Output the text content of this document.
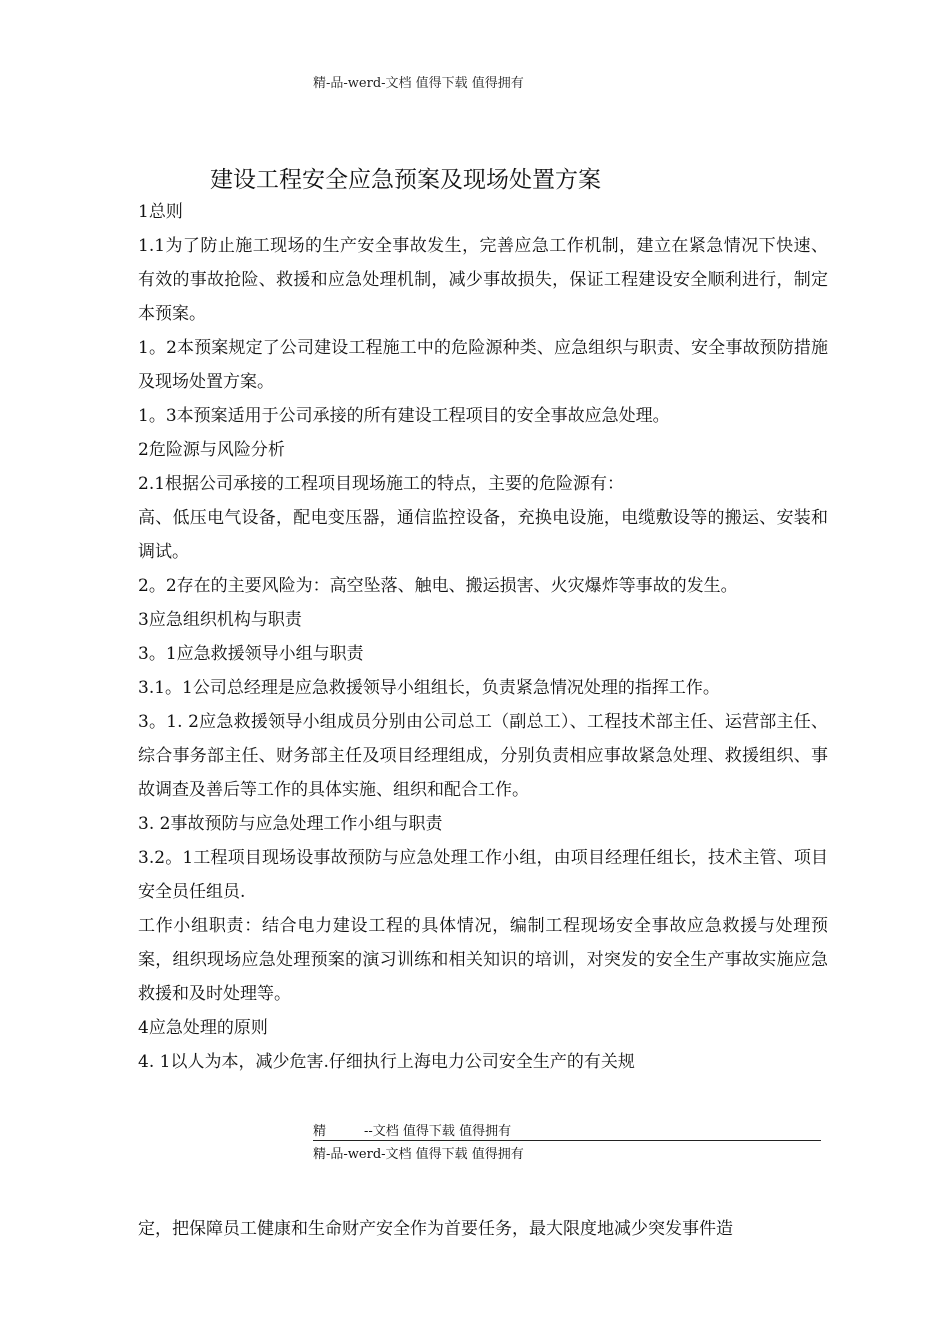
精-品-werd-文档 值得下载 值得拥有
建设工程安全应急预案及现场处置方案

1总则

1.1为了防止施工现场的生产安全事故发生，完善应急工作机制，建立在紧急情况下快速、有效的事故抢险、救援和应急处理机制，减少事故损失，保证工程建设安全顺利进行，制定本预案。

1。2本预案规定了公司建设工程施工中的危险源种类、应急组织与职责、安全事故预防措施及现场处置方案。

1。3本预案适用于公司承接的所有建设工程项目的安全事故应急处理。

2危险源与风险分析

2.1根据公司承接的工程项目现场施工的特点，主要的危险源有：

高、低压电气设备，配电变压器，通信监控设备，充换电设施，电缆敷设等的搬运、安装和调试。

2。2存在的主要风险为：高空坠落、触电、搬运损害、火灾爆炸等事故的发生。

3应急组织机构与职责

3。1应急救援领导小组与职责

3.1。1公司总经理是应急救援领导小组组长，负责紧急情况处理的指挥工作。

3。1. 2应急救援领导小组成员分别由公司总工（副总工）、工程技术部主任、运营部主任、综合事务部主任、财务部主任及项目经理组成，分别负责相应事故紧急处理、救援组织、事故调查及善后等工作的具体实施、组织和配合工作。

3. 2事故预防与应急处理工作小组与职责

3.2。1工程项目现场设事故预防与应急处理工作小组，由项目经理任组长，技术主管、项目安全员任组员.

工作小组职责：结合电力建设工程的具体情况，编制工程现场安全事故应急救援与处理预案，组织现场应急处理预案的演习训练和相关知识的培训，对突发的安全生产事故实施应急救援和及时处理等。

4应急处理的原则

4. 1以人为本，减少危害.仔细执行上海电力公司安全生产的有关规

精	--文档 值得下载 值得拥有
精-品-werd-文档 值得下载 值得拥有
定，把保障员工健康和生命财产安全作为首要任务，最大限度地减少突发事件造
